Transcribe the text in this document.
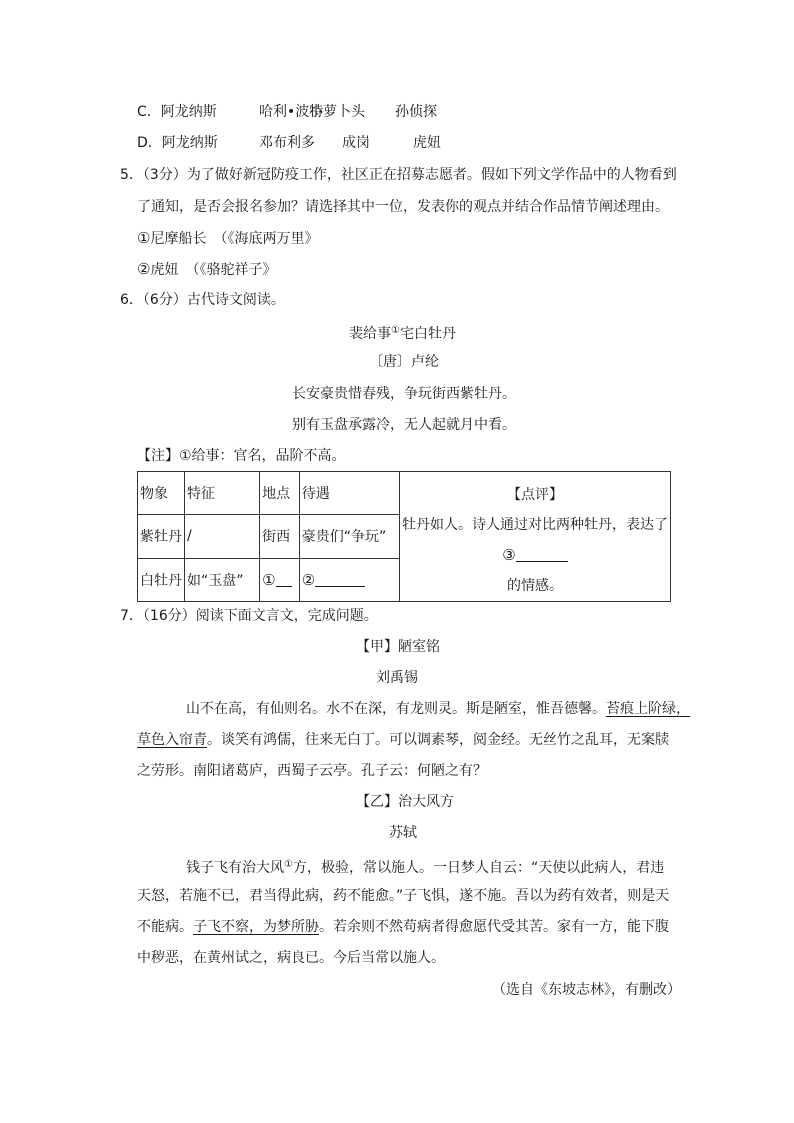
C．阿龙纳斯	哈利•波特
小萝卜头 孙侦探
D．阿龙纳斯	邓布利多 成岗	虎妞
5．（3分）为了做好新冠防疫工作，社区正在招募志愿者。假如下列文学作品中的人物看到
了通知，是否会报名参加？请选择其中一位，发表你的观点并结合作品情节阐述理由。
①尼摩船长　（《海底两万里》
②虎妞　（《骆驼祥子》
6．（6分）古代诗文阅读。
裴给事①宅白牡丹
〔唐〕卢纶
长安豪贵惜春残，争玩街西紫牡丹。
别有玉盘承露冷，无人起就月中看。
【注】①给事：官名，品阶不高。
物象	特征	地点	待遇	【点评】
牡丹如人。诗人通过对比两种牡丹，表达了
③
的情感。

紫牡丹	/	街西	豪贵们“争玩”	
白牡丹	如“玉盘”	①	②	
7．（16分）阅读下面文言文，完成问题。
【甲】陋室铭
刘禹锡
山不在高，有仙则名。水不在深，有龙则灵。斯是陋室，惟吾德馨。苔痕上阶绿，
草色入帘青。谈笑有鸿儒，往来无白丁。可以调素琴，阅金经。无丝竹之乱耳，无案牍
之劳形。南阳诸葛庐，西蜀子云亭。孔子云：何陋之有？
【乙】治大风方
苏轼
钱子飞有治大风①方，极验，常以施人。一日梦人自云：“天使以此病人，君违
天怒，若施不已，君当得此病，药不能愈。”子飞惧，遂不施。吾以为药有效者，则是天
不能病。子飞不察，为梦所胁。若余则不然苟病者得愈愿代受其苦。家有一方，能下腹
中秽恶，在黄州试之，病良已。今后当常以施人。
（选自《东坡志林》，有删改）
